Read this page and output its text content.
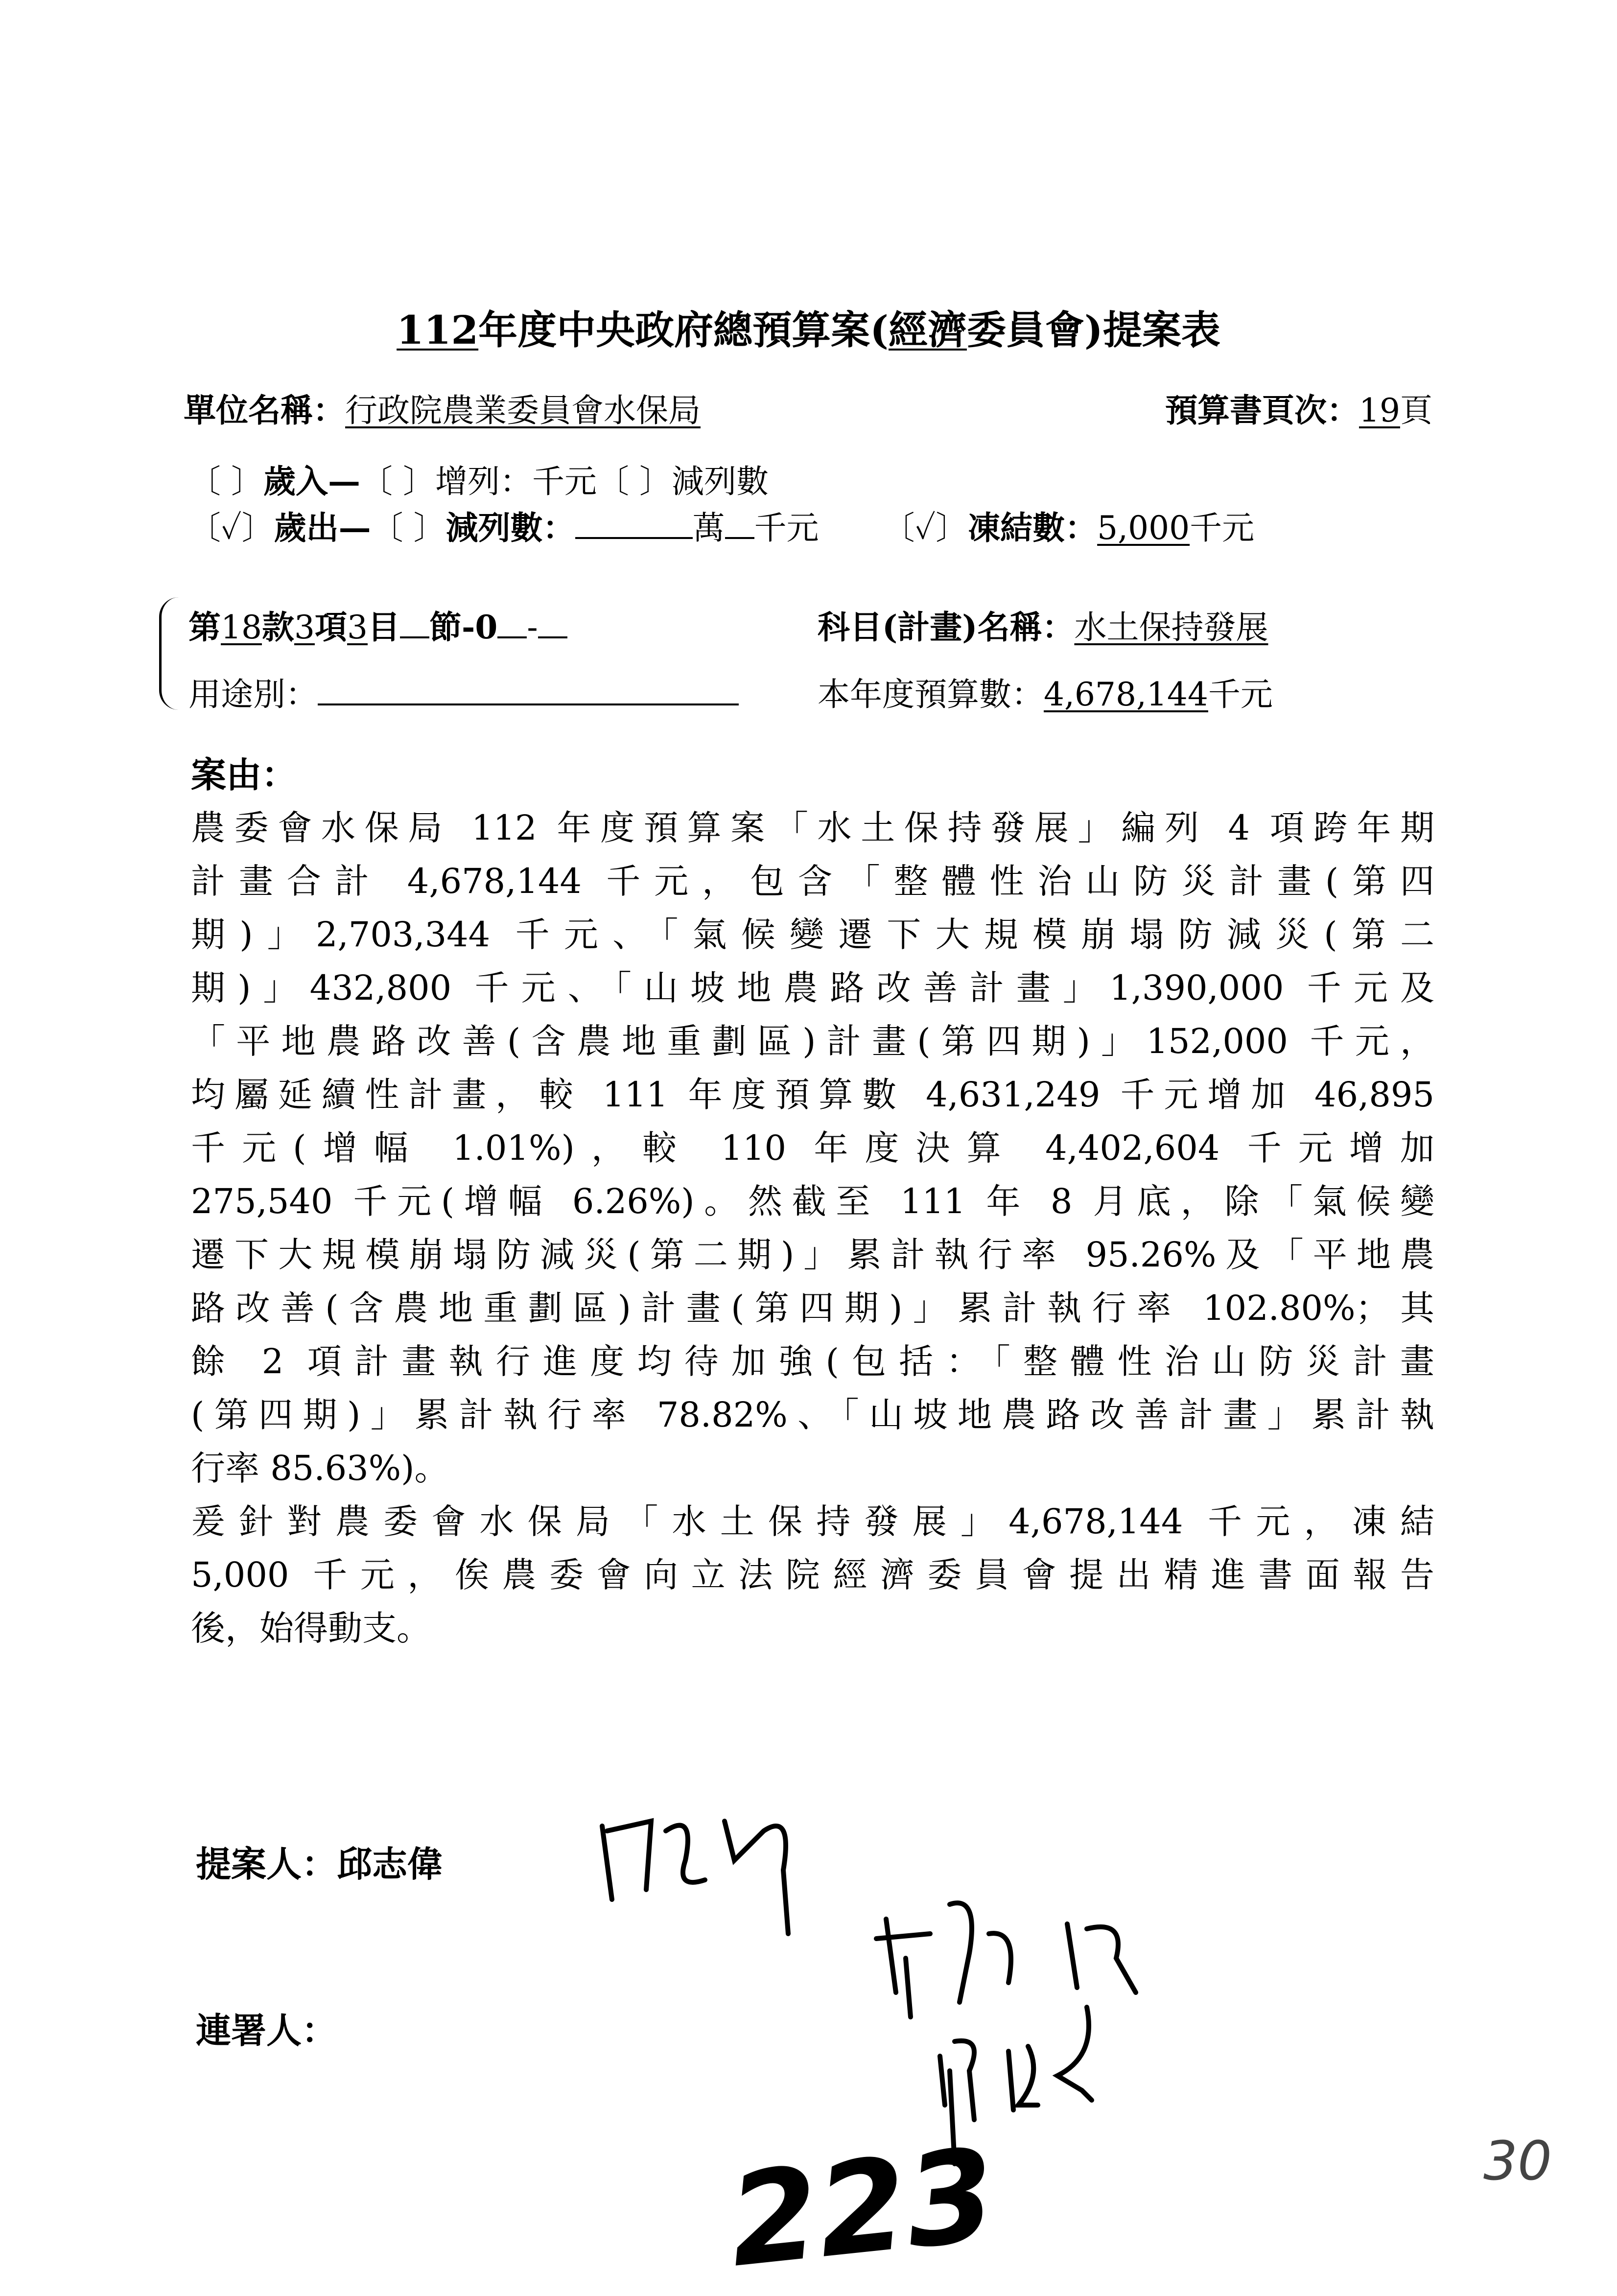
112年度中央政府總預算案(經濟委員會)提案表
單位名稱：行政院農業委員會水保局	預算書頁次：19頁
〔 〕歲入—〔 〕增列：千元〔 〕減列數
〔✓〕歲出—〔 〕減列數：	萬 千元 〔✓〕凍結數：5,000千元
第18款3項3目 節-0 -	科目(計畫)名稱：水土保持發展
用途別：	本年度預算數：4,678,144千元
案由：
農委會水保局 112 年度預算案「水土保持發展」編列 4 項跨年期
計畫合計 4,678,144 千元，包含「整體性治山防災計畫(第四
期)」2,703,344 千元、「氣候變遷下大規模崩塌防減災(第二
期)」432,800 千元、「山坡地農路改善計畫」1,390,000 千元及
「平地農路改善(含農地重劃區)計畫(第四期)」152,000 千元，
均屬延續性計畫，較 111 年度預算數 4,631,249 千元增加 46,895
千元(增幅 1.01%)，較 110 年度決算 4,402,604 千元增加
275,540 千元(增幅 6.26%)。然截至 111 年 8 月底，除「氣候變
遷下大規模崩塌防減災(第二期)」累計執行率 95.26%及「平地農
路改善(含農地重劃區)計畫(第四期)」累計執行率 102.80%；其
餘 2 項計畫執行進度均待加強(包括：「整體性治山防災計畫
(第四期)」累計執行率 78.82%、「山坡地農路改善計畫」累計執
行率 85.63%)。
爰針對農委會水保局「水土保持發展」4,678,144 千元，凍結
5,000 千元，俟農委會向立法院經濟委員會提出精進書面報告
後，始得動支。
提案人：邱志偉
連署人：
223	30
